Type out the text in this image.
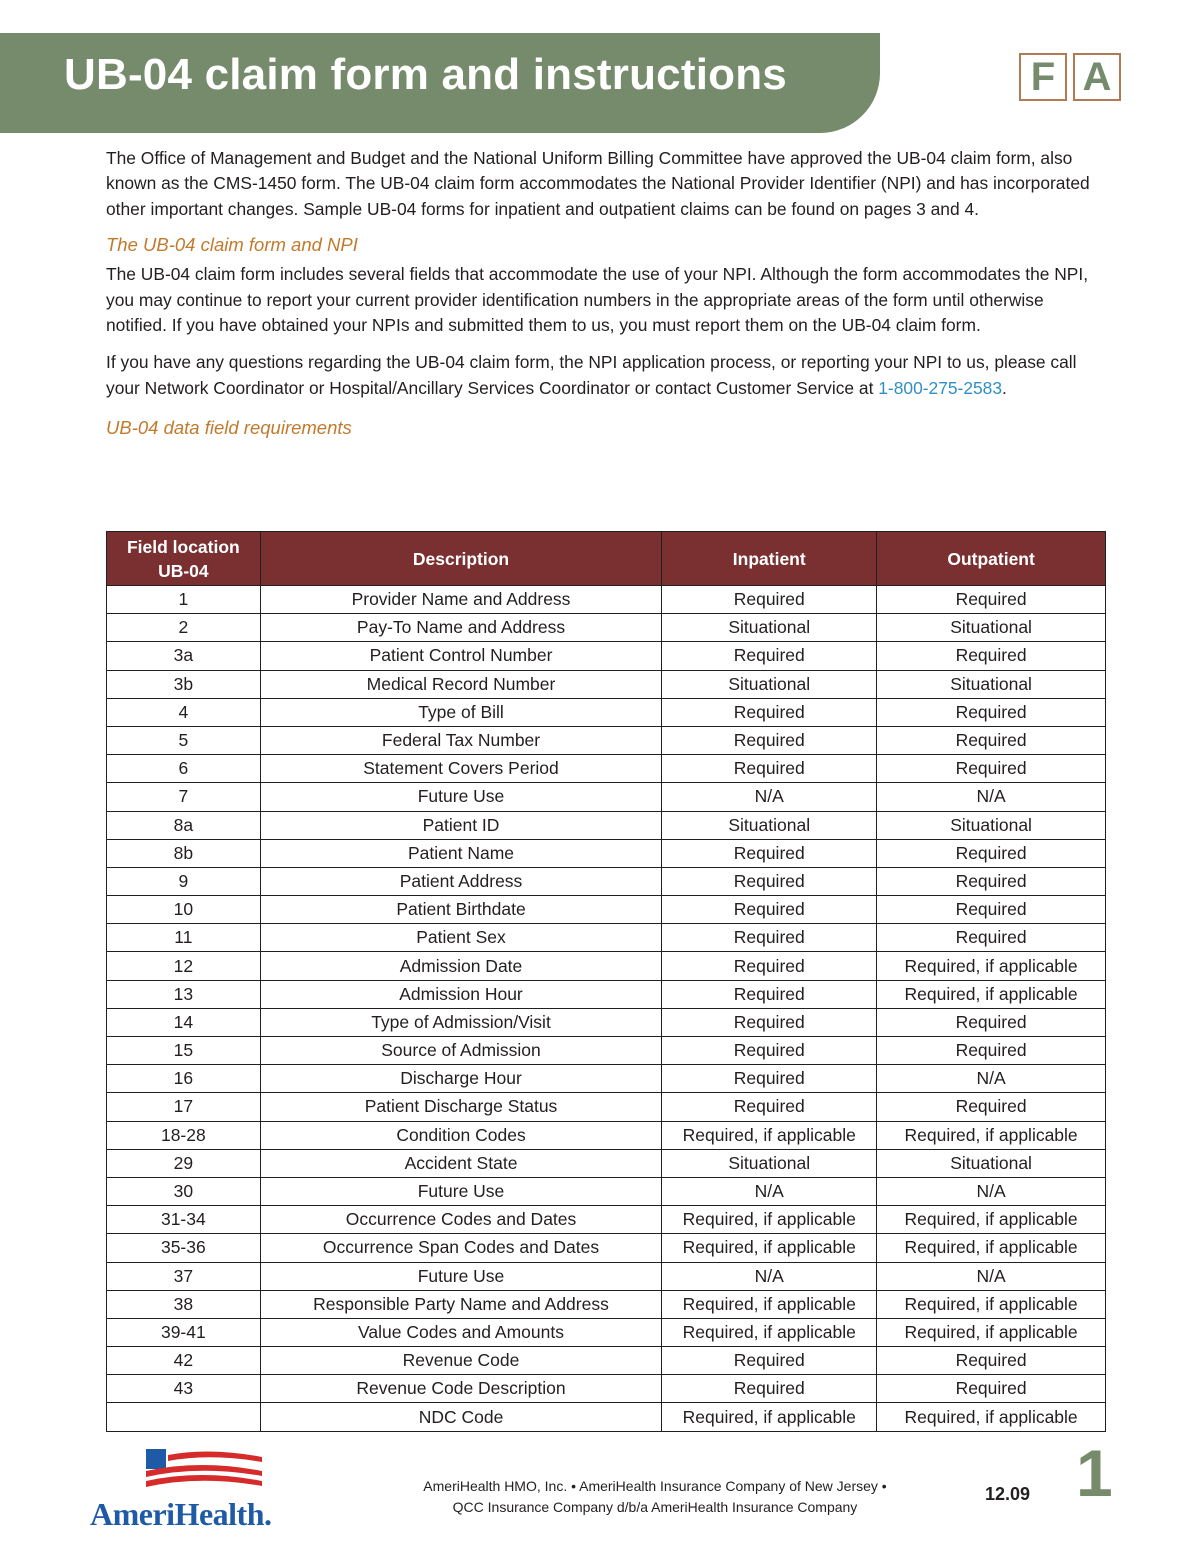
UB-04 claim form and instructions	F A

The Office of Management and Budget and the National Uniform Billing Committee have approved the UB-04 claim form, also known as the CMS-1450 form. The UB-04 claim form accommodates the National Provider Identifier (NPI) and has incorporated other important changes. Sample UB-04 forms for inpatient and outpatient claims can be found on pages 3 and 4.

The UB-04 claim form and NPI

The UB-04 claim form includes several fields that accommodate the use of your NPI. Although the form accommodates the NPI, you may continue to report your current provider identification numbers in the appropriate areas of the form until otherwise notified. If you have obtained your NPIs and submitted them to us, you must report them on the UB-04 claim form.

If you have any questions regarding the UB-04 claim form, the NPI application process, or reporting your NPI to us, please call your Network Coordinator or Hospital/Ancillary Services Coordinator or contact Customer Service at 1-800-275-2583.

UB-04 data field requirements
Field location UB-04	Description	Inpatient	Outpatient
1	Provider Name and Address	Required	Required
2	Pay-To Name and Address	Situational	Situational
3a	Patient Control Number	Required	Required
3b	Medical Record Number	Situational	Situational
4	Type of Bill	Required	Required
5	Federal Tax Number	Required	Required
6	Statement Covers Period	Required	Required
7	Future Use	N/A	N/A
8a	Patient ID	Situational	Situational
8b	Patient Name	Required	Required
9	Patient Address	Required	Required
10	Patient Birthdate	Required	Required
11	Patient Sex	Required	Required
12	Admission Date	Required	Required, if applicable
13	Admission Hour	Required	Required, if applicable
14	Type of Admission/Visit	Required	Required
15	Source of Admission	Required	Required
16	Discharge Hour	Required	N/A
17	Patient Discharge Status	Required	Required
18-28	Condition Codes	Required, if applicable	Required, if applicable
29	Accident State	Situational	Situational
30	Future Use	N/A	N/A
31-34	Occurrence Codes and Dates	Required, if applicable	Required, if applicable
35-36	Occurrence Span Codes and Dates	Required, if applicable	Required, if applicable
37	Future Use	N/A	N/A
38	Responsible Party Name and Address	Required, if applicable	Required, if applicable
39-41	Value Codes and Amounts	Required, if applicable	Required, if applicable
42	Revenue Code	Required	Required
43	Revenue Code Description	Required	Required
	NDC Code	Required, if applicable	Required, if applicable
AmeriHealth.
AmeriHealth HMO, Inc. • AmeriHealth Insurance Company of New Jersey •
QCC Insurance Company d/b/a AmeriHealth Insurance Company
12.09 1
